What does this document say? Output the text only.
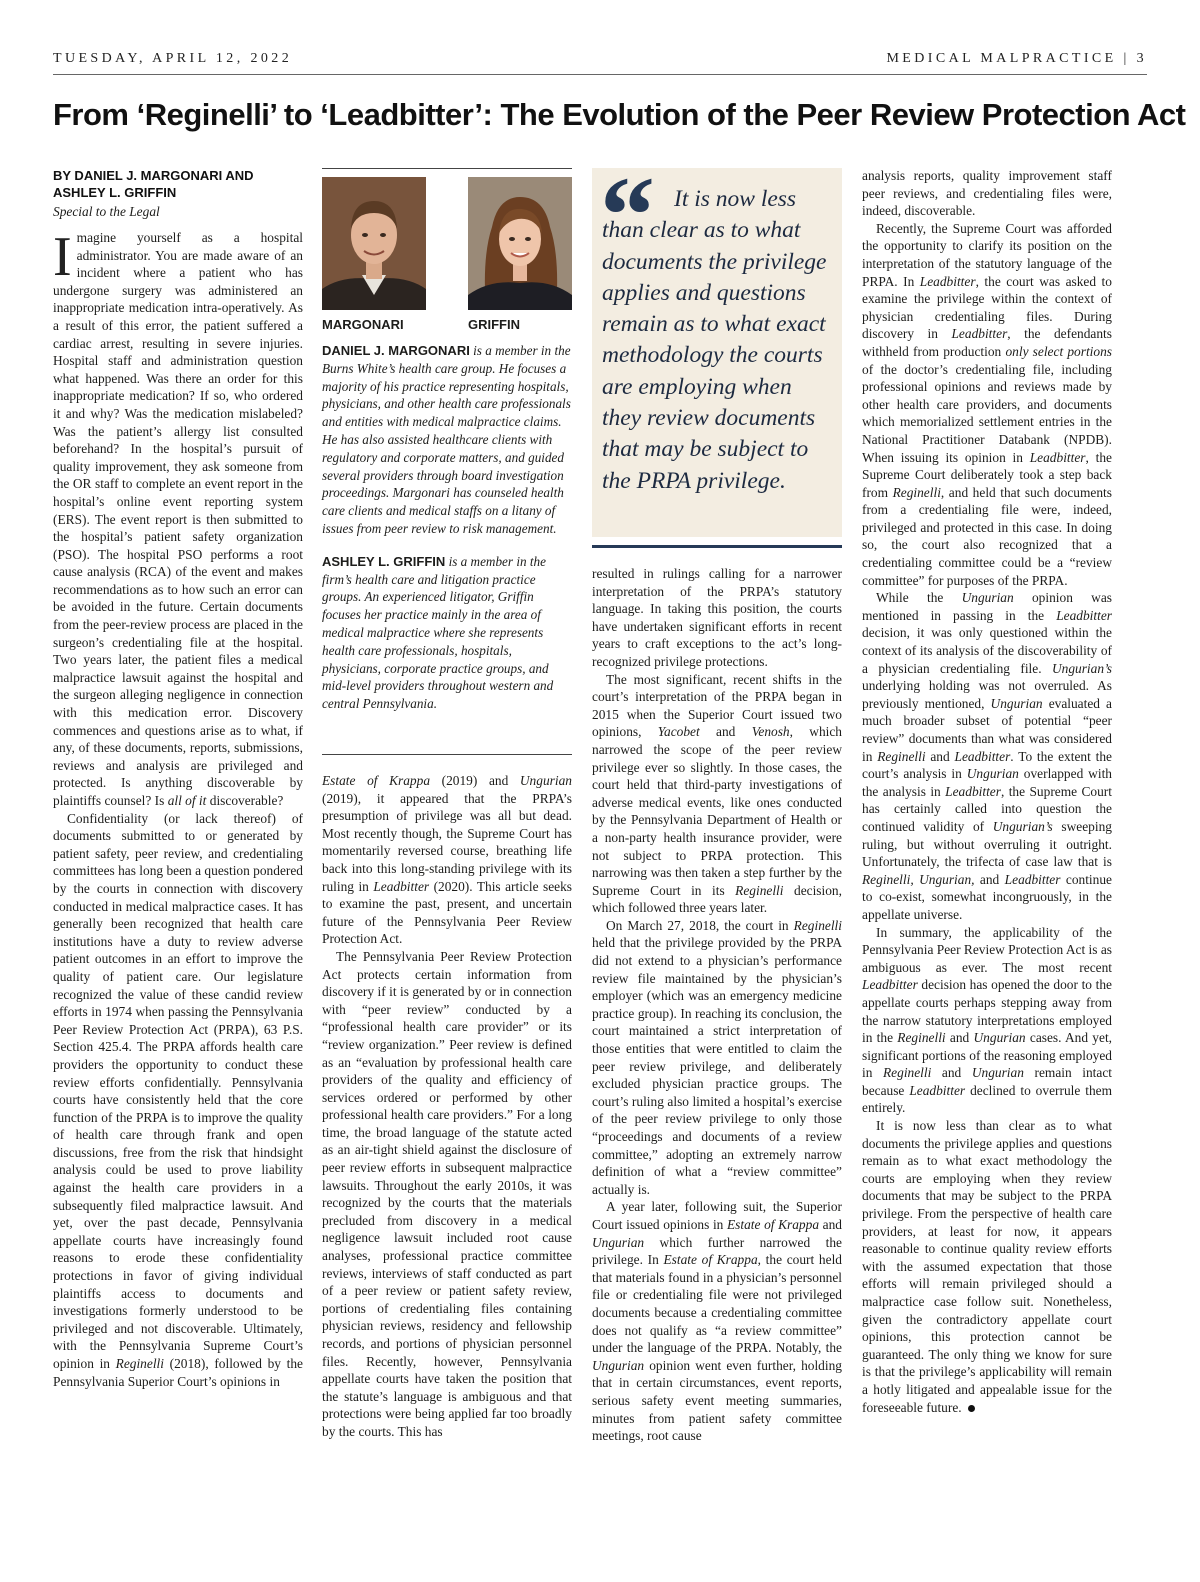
TUESDAY, APRIL 12, 2022	MEDICAL MALPRACTICE | 3
From ‘Reginelli’ to ‘Leadbitter’: The Evolution of the Peer Review Protection Act
BY DANIEL J. MARGONARI AND
ASHLEY L. GRIFFIN
Special to the Legal

Imagine yourself as a hospital administrator. You are made aware of an incident where a patient who has undergone surgery was administered an inappropriate medication intra-operatively. As a result of this error, the patient suffered a cardiac arrest, resulting in severe injuries. Hospital staff and administration question what happened. Was there an order for this inappropriate medication? If so, who ordered it and why? Was the medication mislabeled? Was the patient’s allergy list consulted beforehand? In the hospital’s pursuit of quality improvement, they ask someone from the OR staff to complete an event report in the hospital’s online event reporting system (ERS). The event report is then submitted to the hospital’s patient safety organization (PSO). The hospital PSO performs a root cause analysis (RCA) of the event and makes recommendations as to how such an error can be avoided in the future. Certain documents from the peer-review process are placed in the surgeon’s credentialing file at the hospital. Two years later, the patient files a medical malpractice lawsuit against the hospital and the surgeon alleging negligence in connection with this medication error. Discovery commences and questions arise as to what, if any, of these documents, reports, submissions, reviews and analysis are privileged and protected. Is anything discoverable by plaintiffs counsel? Is all of it discoverable?

Confidentiality (or lack thereof) of documents submitted to or generated by patient safety, peer review, and credentialing committees has long been a question pondered by the courts in connection with discovery conducted in medical malpractice cases. It has generally been recognized that health care institutions have a duty to review adverse patient outcomes in an effort to improve the quality of patient care. Our legislature recognized the value of these candid review efforts in 1974 when passing the Pennsylvania Peer Review Protection Act (PRPA), 63 P.S. Section 425.4. The PRPA affords health care providers the opportunity to conduct these review efforts confidentially. Pennsylvania courts have consistently held that the core function of the PRPA is to improve the quality of health care through frank and open discussions, free from the risk that hindsight analysis could be used to prove liability against the health care providers in a subsequently filed malpractice lawsuit. And yet, over the past decade, Pennsylvania appellate courts have increasingly found reasons to erode these confidentiality protections in favor of giving individual plaintiffs access to documents and investigations formerly understood to be privileged and not discoverable. Ultimately, with the Pennsylvania Supreme Court’s opinion in Reginelli (2018), followed by the Pennsylvania Superior Court’s opinions in

MARGONARI	GRIFFIN

DANIEL J. MARGONARI is a member in the Burns White’s health care group. He focuses a majority of his practice representing hospitals, physicians, and other health care professionals and entities with medical malpractice claims. He has also assisted healthcare clients with regulatory and corporate matters, and guided several providers through board investigation proceedings. Margonari has counseled health care clients and medical staffs on a litany of issues from peer review to risk management.

ASHLEY L. GRIFFIN is a member in the firm’s health care and litigation practice groups. An experienced litigator, Griffin focuses her practice mainly in the area of medical malpractice where she represents health care professionals, hospitals, physicians, corporate practice groups, and mid-level providers throughout western and central Pennsylvania.

Estate of Krappa (2019) and Ungurian (2019), it appeared that the PRPA’s presumption of privilege was all but dead. Most recently though, the Supreme Court has momentarily reversed course, breathing life back into this long-standing privilege with its ruling in Leadbitter (2020). This article seeks to examine the past, present, and uncertain future of the Pennsylvania Peer Review Protection Act.

The Pennsylvania Peer Review Protection Act protects certain information from discovery if it is generated by or in connection with “peer review” conducted by a “professional health care provider” or its “review organization.” Peer review is defined as an “evaluation by professional health care providers of the quality and efficiency of services ordered or performed by other professional health care providers.” For a long time, the broad language of the statute acted as an air-tight shield against the disclosure of peer review efforts in subsequent malpractice lawsuits. Throughout the early 2010s, it was recognized by the courts that the materials precluded from discovery in a medical negligence lawsuit included root cause analyses, professional practice committee reviews, interviews of staff conducted as part of a peer review or patient safety review, portions of credentialing files containing physician reviews, residency and fellowship records, and portions of physician personnel files. Recently, however, Pennsylvania appellate courts have taken the position that the statute’s language is ambiguous and that protections were being applied far too broadly by the courts. This has

“ It is now less than clear as to what documents the privilege applies and questions remain as to what exact methodology the courts are employing when they review documents that may be subject to the PRPA privilege.

resulted in rulings calling for a narrower interpretation of the PRPA’s statutory language. In taking this position, the courts have undertaken significant efforts in recent years to craft exceptions to the act’s long-recognized privilege protections.

The most significant, recent shifts in the court’s interpretation of the PRPA began in 2015 when the Superior Court issued two opinions, Yacobet and Venosh, which narrowed the scope of the peer review privilege ever so slightly. In those cases, the court held that third-party investigations of adverse medical events, like ones conducted by the Pennsylvania Department of Health or a non-party health insurance provider, were not subject to PRPA protection. This narrowing was then taken a step further by the Supreme Court in its Reginelli decision, which followed three years later.

On March 27, 2018, the court in Reginelli held that the privilege provided by the PRPA did not extend to a physician’s performance review file maintained by the physician’s employer (which was an emergency medicine practice group). In reaching its conclusion, the court maintained a strict interpretation of those entities that were entitled to claim the peer review privilege, and deliberately excluded physician practice groups. The court’s ruling also limited a hospital’s exercise of the peer review privilege to only those “proceedings and documents of a review committee,” adopting an extremely narrow definition of what a “review committee” actually is.

A year later, following suit, the Superior Court issued opinions in Estate of Krappa and Ungurian which further narrowed the privilege. In Estate of Krappa, the court held that materials found in a physician’s personnel file or credentialing file were not privileged documents because a credentialing committee does not qualify as “a review committee” under the language of the PRPA. Notably, the Ungurian opinion went even further, holding that in certain circumstances, event reports, serious safety event meeting summaries, minutes from patient safety committee meetings, root cause

analysis reports, quality improvement staff peer reviews, and credentialing files were, indeed, discoverable.

Recently, the Supreme Court was afforded the opportunity to clarify its position on the interpretation of the statutory language of the PRPA. In Leadbitter, the court was asked to examine the privilege within the context of physician credentialing files. During discovery in Leadbitter, the defendants withheld from production only select portions of the doctor’s credentialing file, including professional opinions and reviews made by other health care providers, and documents which memorialized settlement entries in the National Practitioner Databank (NPDB). When issuing its opinion in Leadbitter, the Supreme Court deliberately took a step back from Reginelli, and held that such documents from a credentialing file were, indeed, privileged and protected in this case. In doing so, the court also recognized that a credentialing committee could be a “review committee” for purposes of the PRPA.

While the Ungurian opinion was mentioned in passing in the Leadbitter decision, it was only questioned within the context of its analysis of the discoverability of a physician credentialing file. Ungurian’s underlying holding was not overruled. As previously mentioned, Ungurian evaluated a much broader subset of potential “peer review” documents than what was considered in Reginelli and Leadbitter. To the extent the court’s analysis in Ungurian overlapped with the analysis in Leadbitter, the Supreme Court has certainly called into question the continued validity of Ungurian’s sweeping ruling, but without overruling it outright. Unfortunately, the trifecta of case law that is Reginelli, Ungurian, and Leadbitter continue to co-exist, somewhat incongruously, in the appellate universe.

In summary, the applicability of the Pennsylvania Peer Review Protection Act is as ambiguous as ever. The most recent Leadbitter decision has opened the door to the appellate courts perhaps stepping away from the narrow statutory interpretations employed in the Reginelli and Ungurian cases. And yet, significant portions of the reasoning employed in Reginelli and Ungurian remain intact because Leadbitter declined to overrule them entirely.

It is now less than clear as to what documents the privilege applies and questions remain as to what exact methodology the courts are employing when they review documents that may be subject to the PRPA privilege. From the perspective of health care providers, at least for now, it appears reasonable to continue quality review efforts with the assumed expectation that those efforts will remain privileged should a malpractice case follow suit. Nonetheless, given the contradictory appellate court opinions, this protection cannot be guaranteed. The only thing we know for sure is that the privilege’s applicability will remain a hotly litigated and appealable issue for the foreseeable future.
